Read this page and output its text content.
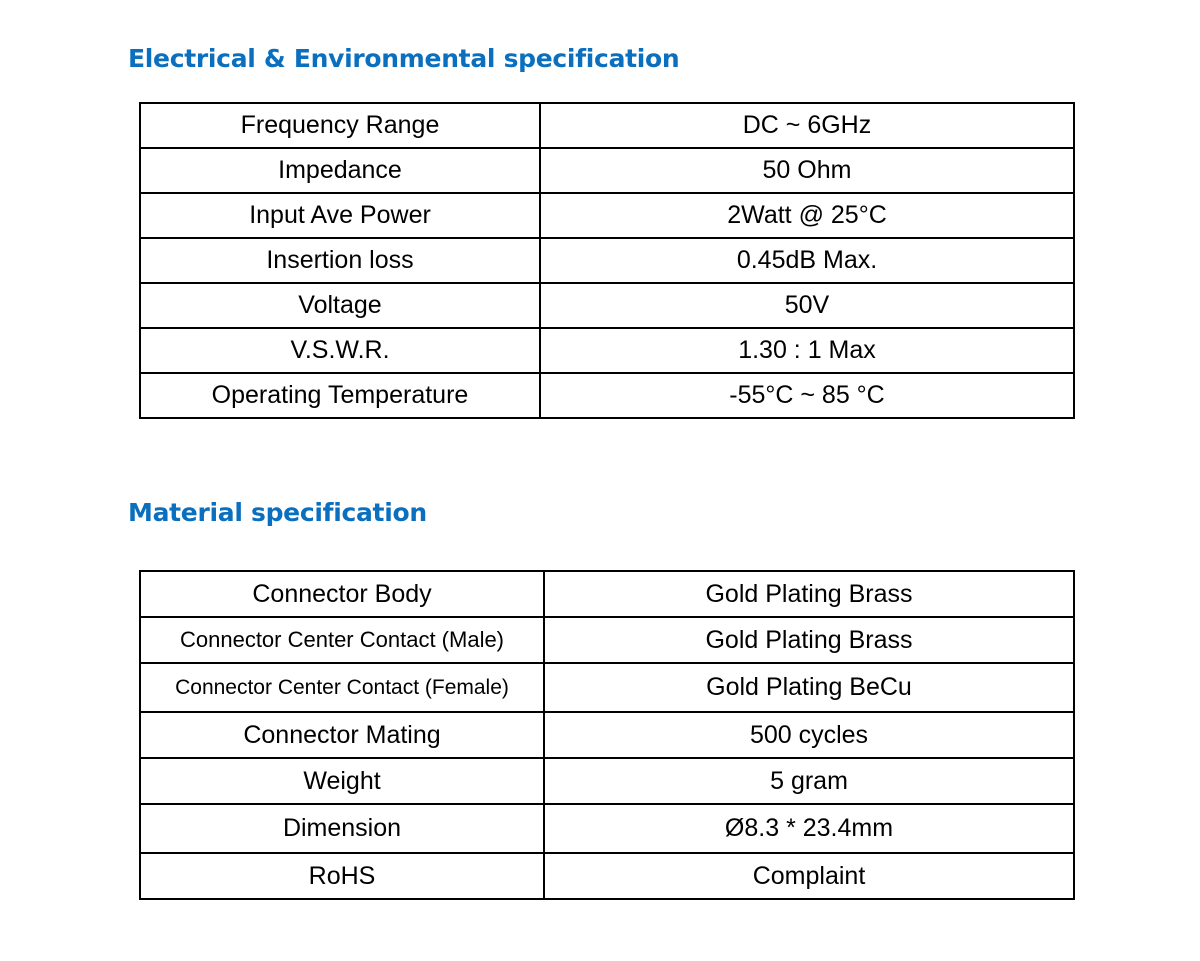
Electrical & Environmental specification
Frequency Range	DC ~ 6GHz
Impedance	50 Ohm
Input Ave Power	2Watt @ 25°C
Insertion loss	0.45dB Max.
Voltage	50V
V.S.W.R.	1.30 : 1 Max
Operating Temperature	-55°C ~ 85 °C
Material specification
Connector Body	Gold Plating Brass
Connector Center Contact (Male)	Gold Plating Brass
Connector Center Contact (Female)	Gold Plating BeCu
Connector Mating	500 cycles
Weight	5 gram
Dimension	Ø8.3 * 23.4mm
RoHS	Complaint
